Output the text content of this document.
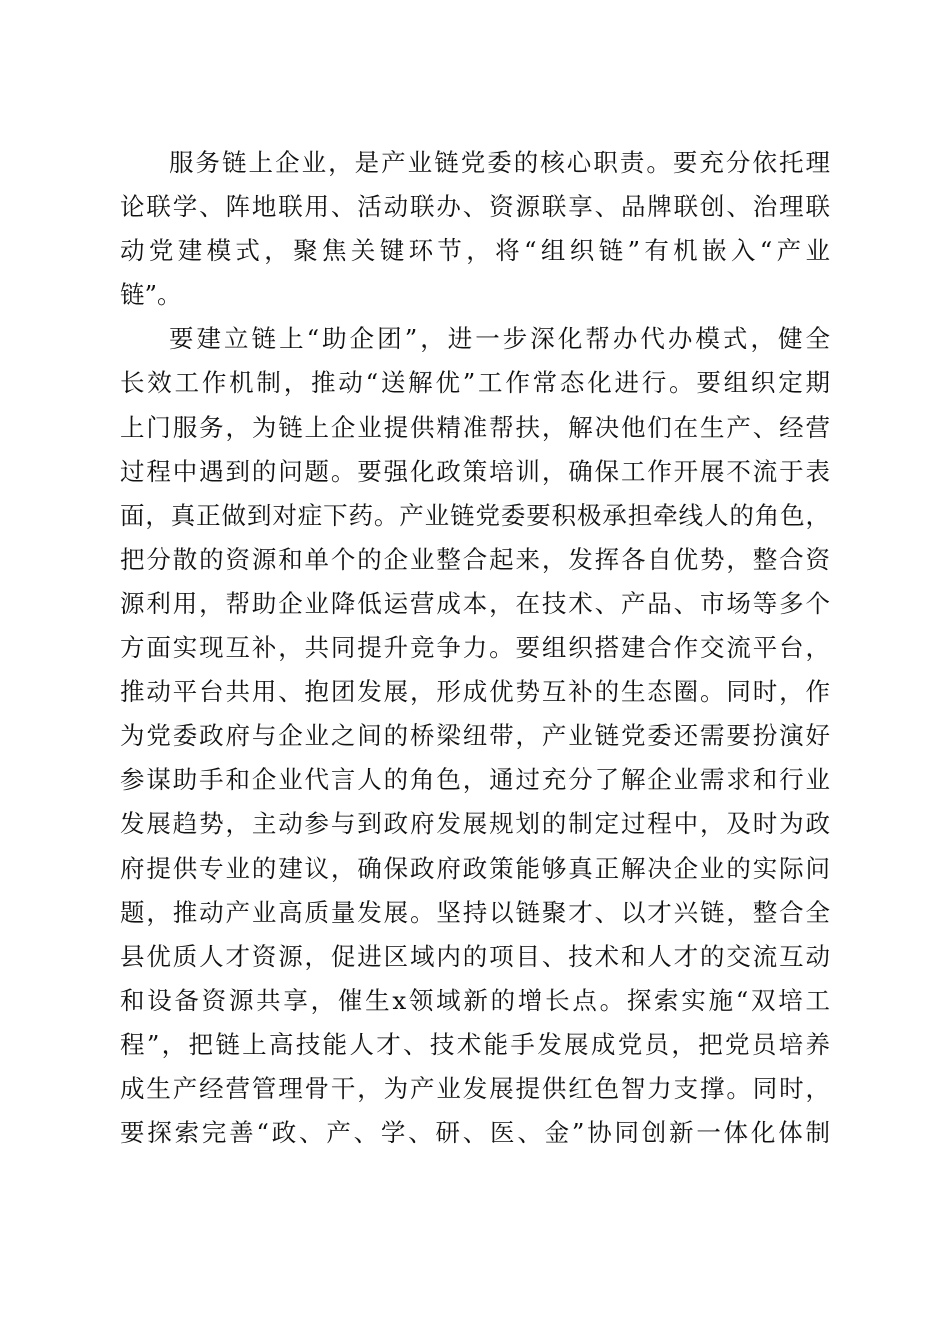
服务链上企业，是产业链党委的核心职责。要充分依托理
论联学、阵地联用、活动联办、资源联享、品牌联创、治理联
动党建模式，聚焦关键环节，将“组织链”有机嵌入“产业
链”。
要建立链上“助企团”，进一步深化帮办代办模式，健全
长效工作机制，推动“送解优”工作常态化进行。要组织定期
上门服务，为链上企业提供精准帮扶，解决他们在生产、经营
过程中遇到的问题。要强化政策培训，确保工作开展不流于表
面，真正做到对症下药。产业链党委要积极承担牵线人的角色，
把分散的资源和单个的企业整合起来，发挥各自优势，整合资
源利用，帮助企业降低运营成本，在技术、产品、市场等多个
方面实现互补，共同提升竞争力。要组织搭建合作交流平台，
推动平台共用、抱团发展，形成优势互补的生态圈。同时，作
为党委政府与企业之间的桥梁纽带，产业链党委还需要扮演好
参谋助手和企业代言人的角色，通过充分了解企业需求和行业
发展趋势，主动参与到政府发展规划的制定过程中，及时为政
府提供专业的建议，确保政府政策能够真正解决企业的实际问
题，推动产业高质量发展。坚持以链聚才、以才兴链，整合全
县优质人才资源，促进区域内的项目、技术和人才的交流互动
和设备资源共享，催生x领域新的增长点。探索实施“双培工
程”，把链上高技能人才、技术能手发展成党员，把党员培养
成生产经营管理骨干，为产业发展提供红色智力支撑。同时，
要探索完善“政、产、学、研、医、金”协同创新一体化体制
